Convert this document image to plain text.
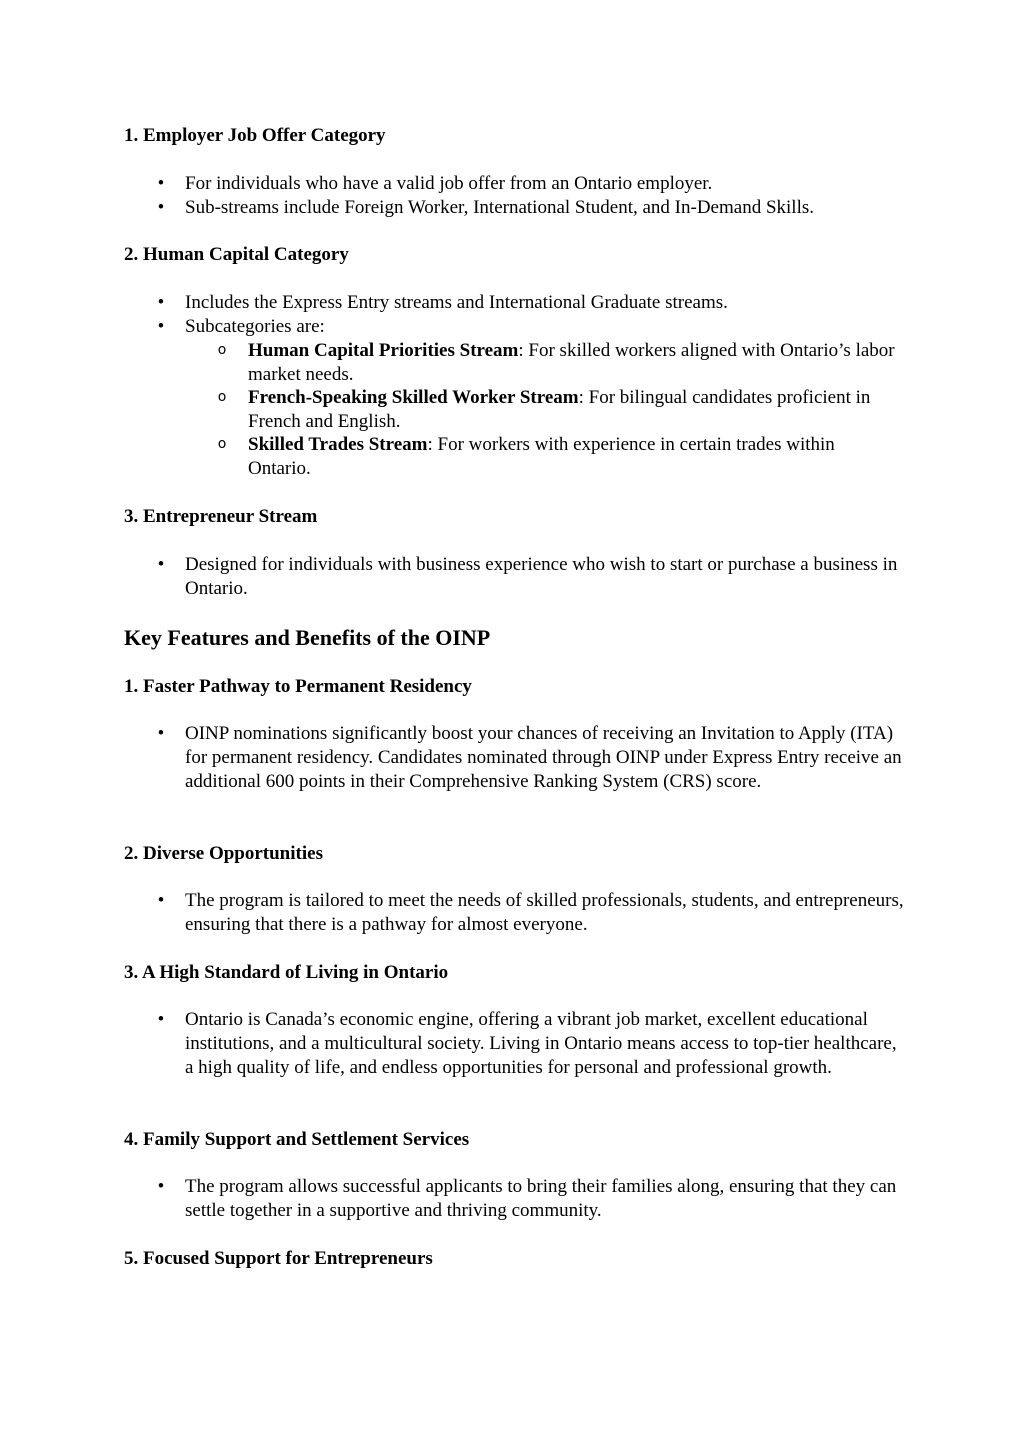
1. Employer Job Offer Category

• For individuals who have a valid job offer from an Ontario employer.

• Sub-streams include Foreign Worker, International Student, and In-Demand Skills.

2. Human Capital Category

• Includes the Express Entry streams and International Graduate streams.

• Subcategories are:

o Human Capital Priorities Stream: For skilled workers aligned with Ontario’s labor market needs.

o French-Speaking Skilled Worker Stream: For bilingual candidates proficient in French and English.

o Skilled Trades Stream: For workers with experience in certain trades within Ontario.

3. Entrepreneur Stream

• Designed for individuals with business experience who wish to start or purchase a business in Ontario.

Key Features and Benefits of the OINP
1. Faster Pathway to Permanent Residency

• OINP nominations significantly boost your chances of receiving an Invitation to Apply (ITA) for permanent residency. Candidates nominated through OINP under Express Entry receive an additional 600 points in their Comprehensive Ranking System (CRS) score.

2. Diverse Opportunities

• The program is tailored to meet the needs of skilled professionals, students, and entrepreneurs, ensuring that there is a pathway for almost everyone.

3. A High Standard of Living in Ontario

• Ontario is Canada’s economic engine, offering a vibrant job market, excellent educational institutions, and a multicultural society. Living in Ontario means access to top-tier healthcare, a high quality of life, and endless opportunities for personal and professional growth.

4. Family Support and Settlement Services

• The program allows successful applicants to bring their families along, ensuring that they can settle together in a supportive and thriving community.

5. Focused Support for Entrepreneurs
